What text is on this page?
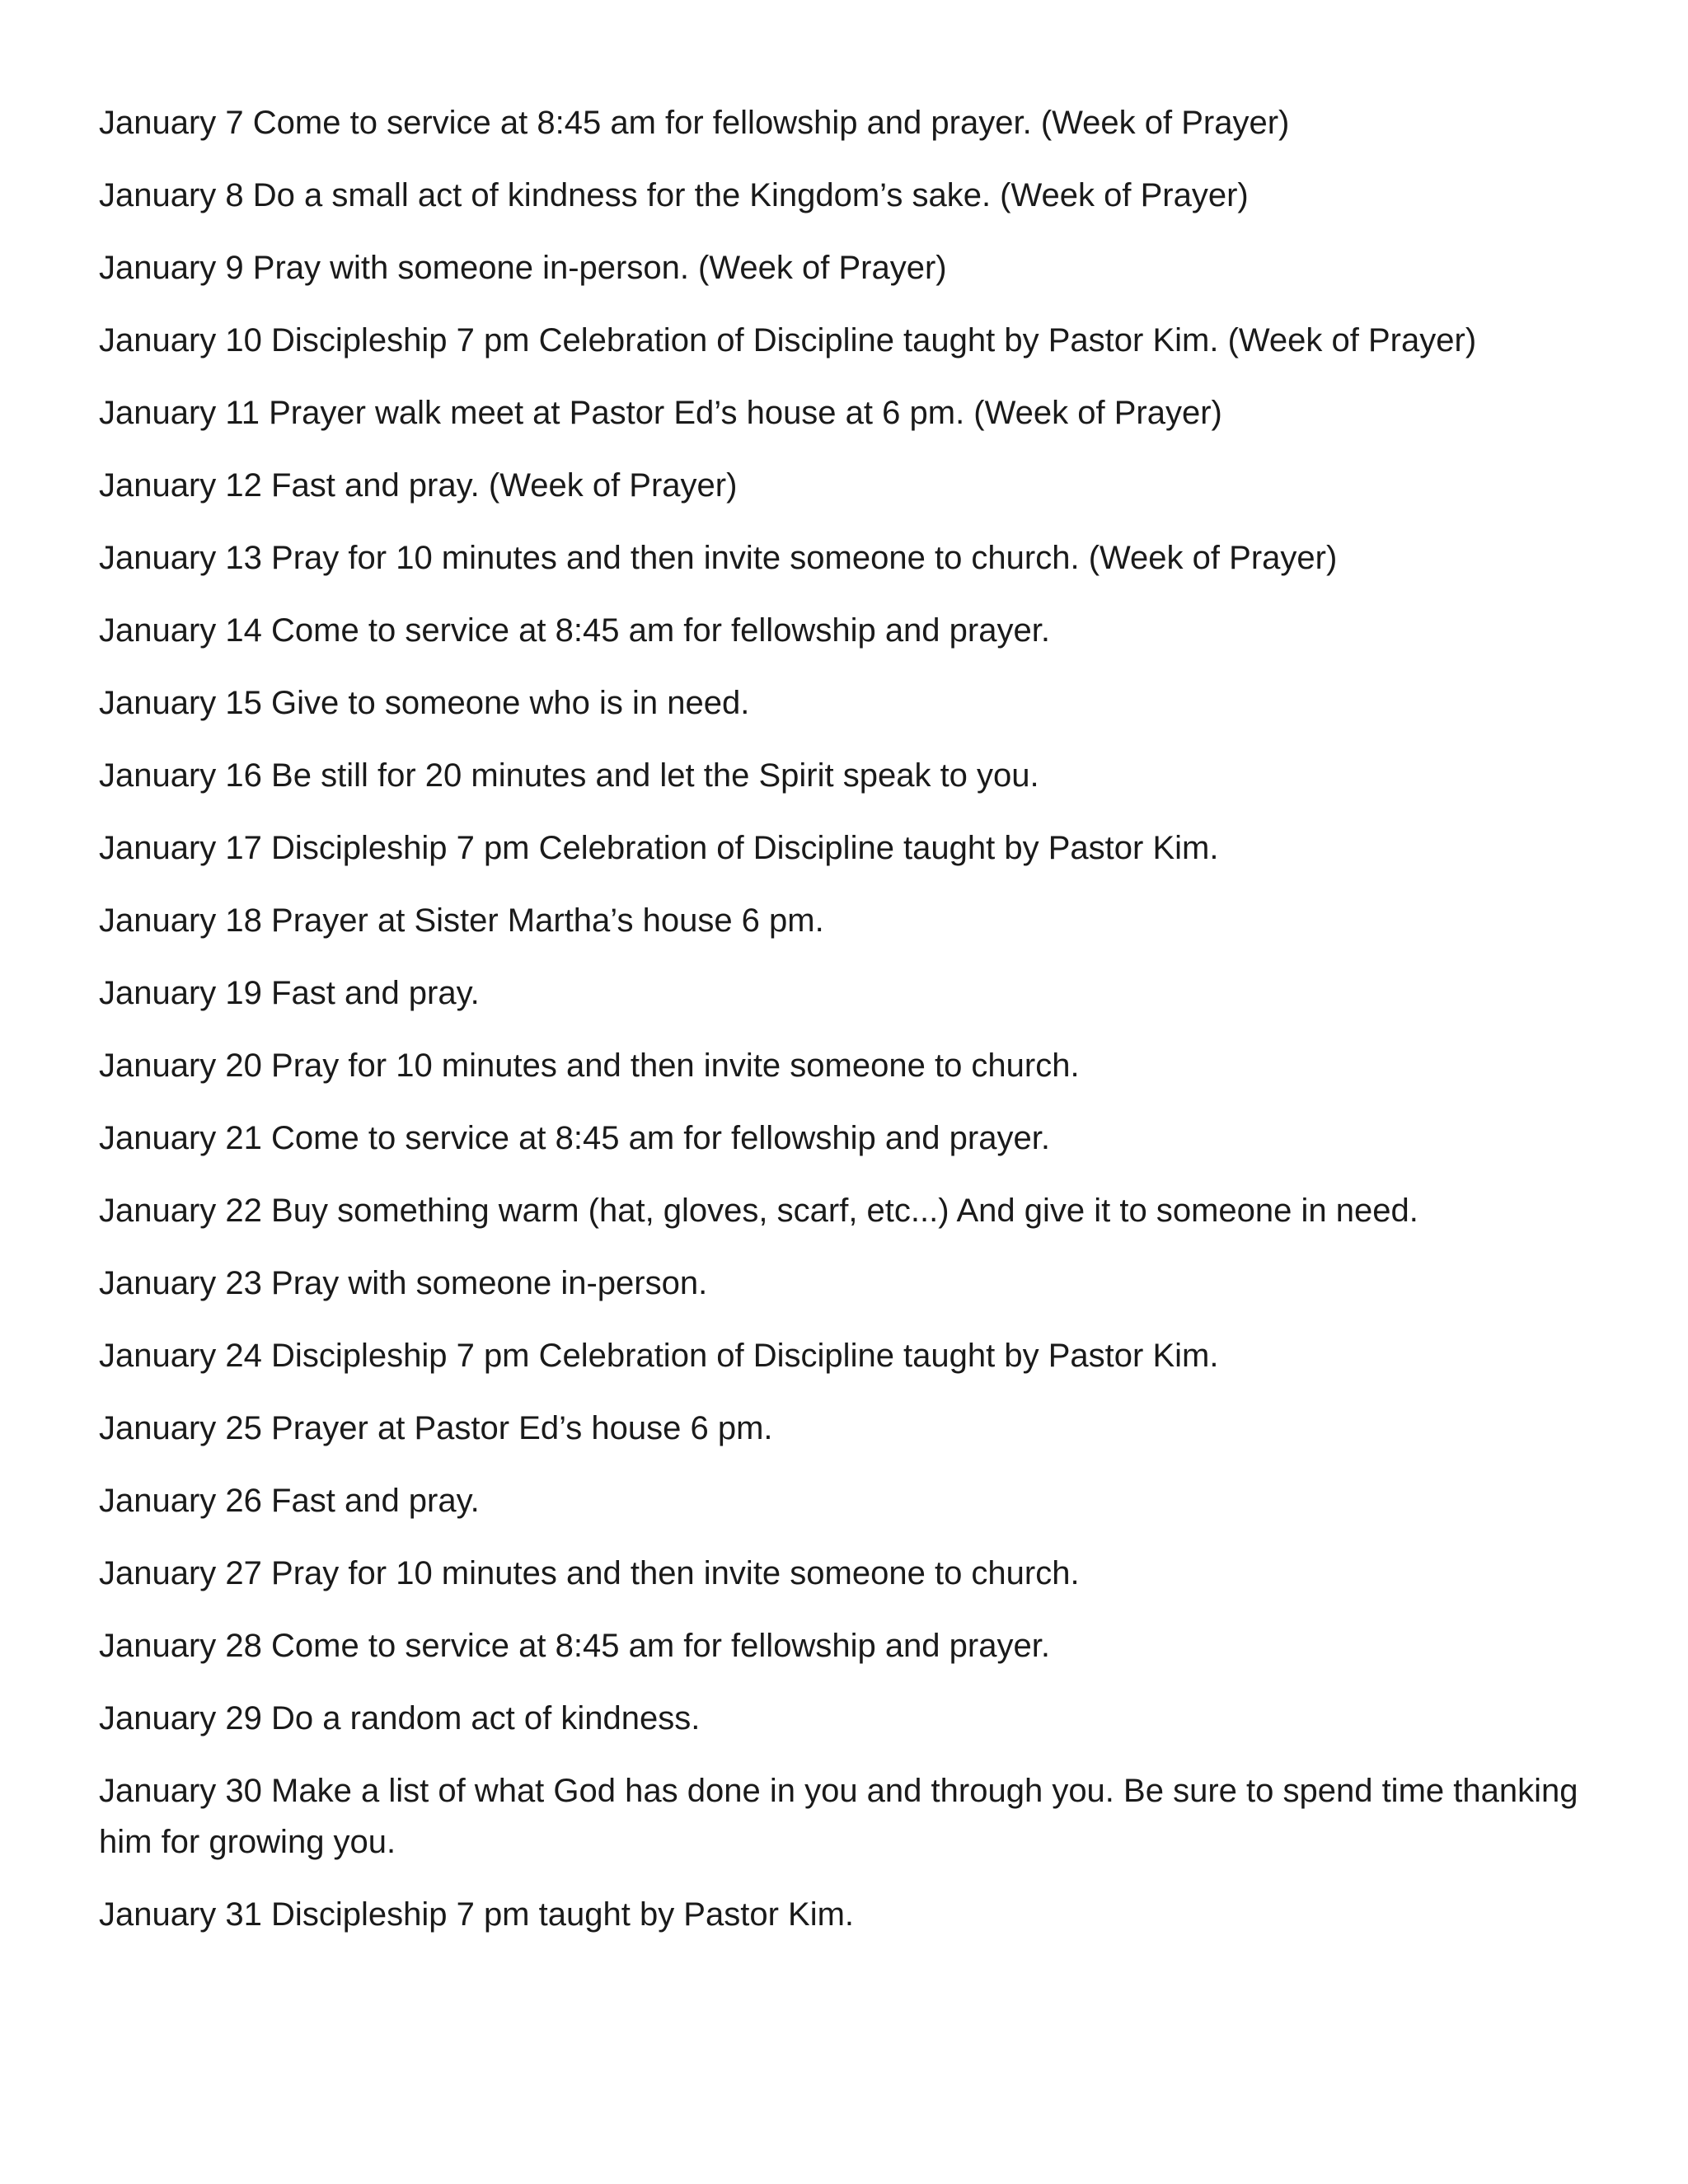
January 7 Come to service at 8:45 am for fellowship and prayer. (Week of Prayer)
January 8 Do a small act of kindness for the Kingdom’s sake. (Week of Prayer)
January 9 Pray with someone in-person. (Week of Prayer)
January 10 Discipleship 7 pm Celebration of Discipline taught by Pastor Kim. (Week of Prayer)
January 11 Prayer walk meet at Pastor Ed’s house at 6 pm. (Week of Prayer)
January 12 Fast and pray. (Week of Prayer)
January 13 Pray for 10 minutes and then invite someone to church. (Week of Prayer)
January 14 Come to service at 8:45 am for fellowship and prayer.
January 15 Give to someone who is in need.
January 16 Be still for 20 minutes and let the Spirit speak to you.
January 17 Discipleship 7 pm Celebration of Discipline taught by Pastor Kim.
January 18 Prayer at Sister Martha’s house 6 pm.
January 19 Fast and pray.
January 20 Pray for 10 minutes and then invite someone to church.
January 21 Come to service at 8:45 am for fellowship and prayer.
January 22 Buy something warm (hat, gloves, scarf, etc...) And give it to someone in need.
January 23 Pray with someone in-person.
January 24 Discipleship 7 pm Celebration of Discipline taught by Pastor Kim.
January 25 Prayer at Pastor Ed’s house 6 pm.
January 26 Fast and pray.
January 27 Pray for 10 minutes and then invite someone to church.
January 28 Come to service at 8:45 am for fellowship and prayer.
January 29 Do a random act of kindness.
January 30 Make a list of what God has done in you and through you. Be sure to spend time thanking him for growing you.
January 31 Discipleship 7 pm taught by Pastor Kim.
